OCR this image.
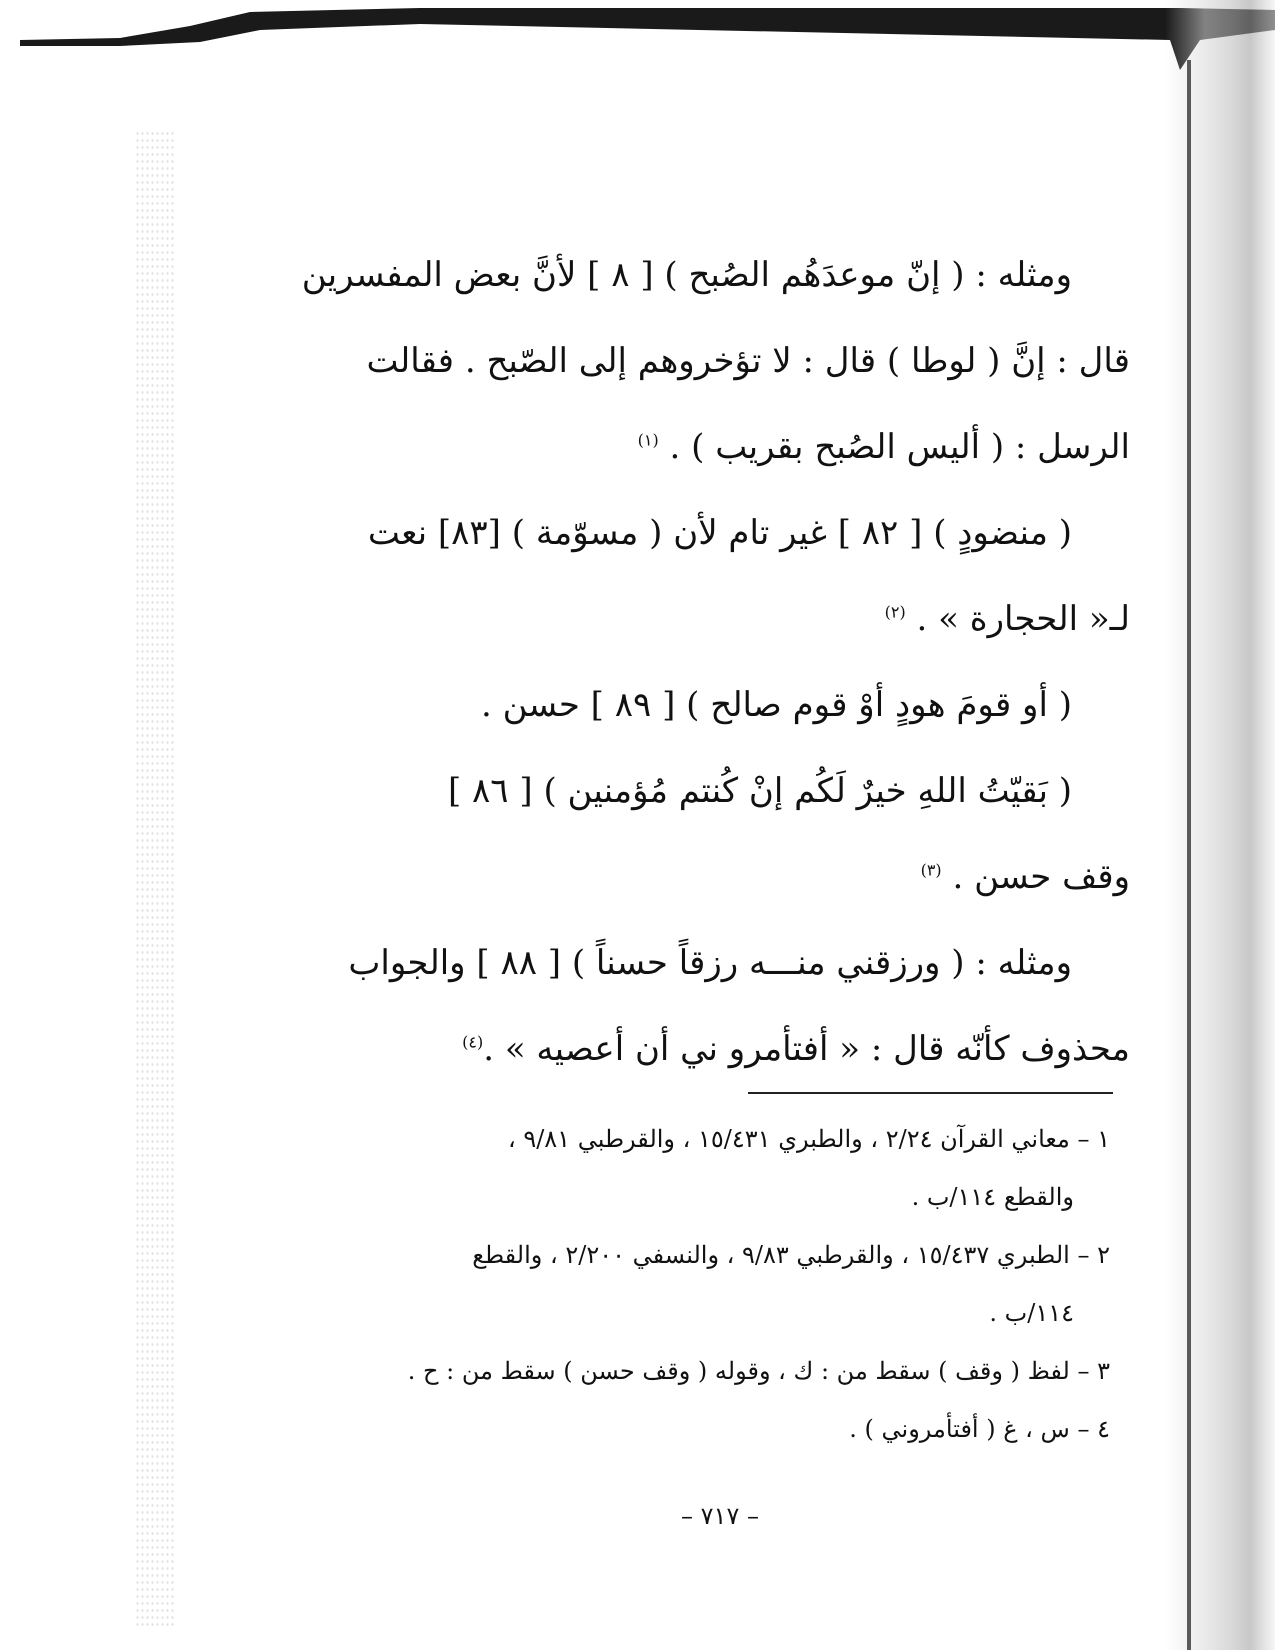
ومثله : ( إنّ موعدَهُم الصُبح ) [ ٨ ] لأنَّ بعض المفسرين
قال : إنَّ ( لوطا ) قال : لا تؤخروهم إلى الصّبح . فقالت
الرسل : ( أليس الصُبح بقريب ) . $^{(١)}$
( منضودٍ ) [ ٨٢ ] غير تام لأن ( مسوّمة ) [٨٣] نعت
لـ« الحجارة » . $^{(٢)}$
( أو قومَ هودٍ أوْ قوم صالح ) [ ٨٩ ] حسن .
( بَقيّتُ اللهِ خيرٌ لَكُم إنْ كُنتم مُؤمنين ) [ ٨٦ ]
وقف حسن . $^{(٣)}$
ومثله : ( ورزقني منـــه رزقاً حسناً ) [ ٨٨ ] والجواب
محذوف كأنّه قال : « أفتأمرو ني أن أعصيه » .$^{(٤)}$
١ – معاني القرآن ٢/٢٤ ، والطبري ١٥/٤٣١ ، والقرطبي ٩/٨١ ،
والقطع ١١٤/ب .
٢ – الطبري ١٥/٤٣٧ ، والقرطبي ٩/٨٣ ، والنسفي ٢/٢٠٠ ، والقطع
١١٤/ب .
٣ – لفظ ( وقف ) سقط من : ك ، وقوله ( وقف حسن ) سقط من : ح .
٤ – س ، غ ( أفتأمروني ) .
– ٧١٧ –
